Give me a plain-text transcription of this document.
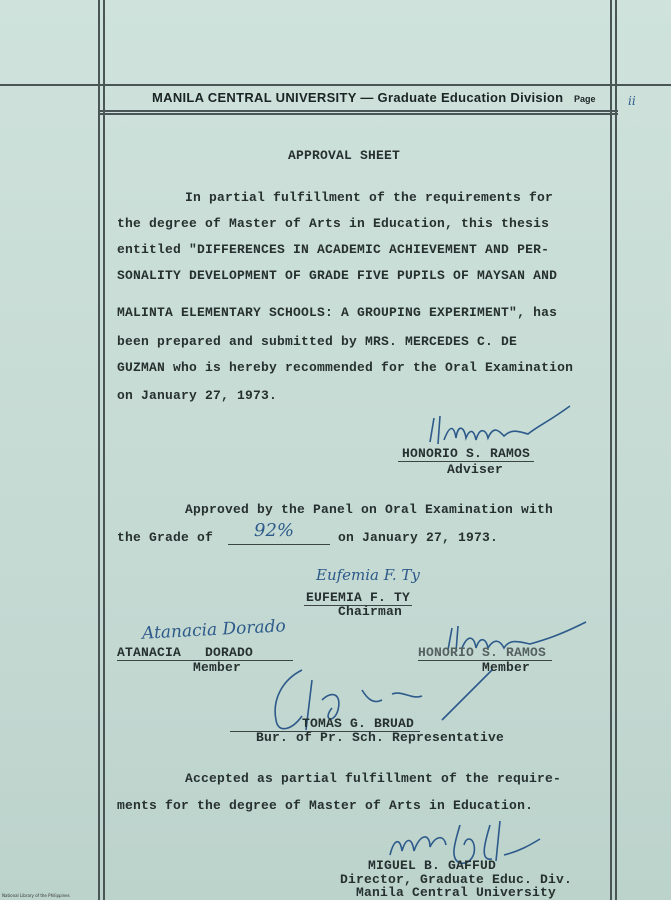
MANILA CENTRAL UNIVERSITY — Graduate Education Division Page	ii
APPROVAL SHEET
In partial fulfillment of the requirements for
the degree of Master of Arts in Education, this thesis
entitled "DIFFERENCES IN ACADEMIC ACHIEVEMENT AND PER-
SONALITY DEVELOPMENT OF GRADE FIVE PUPILS OF MAYSAN AND
MALINTA ELEMENTARY SCHOOLS: A GROUPING EXPERIMENT", has
been prepared and submitted by MRS. MERCEDES C. DE
GUZMAN who is hereby recommended for the Oral Examination
on January 27, 1973.
HONORIO S. RAMOS
Adviser
Approved by the Panel on Oral Examination with
the Grade of 92%	on January 27, 1973.
Eufemia F. Ty
EUFEMIA F. TY
Chairman
Atanacia Dorado
ATANACIA   DORADO
Member
HONORIO S. RAMOS
Member
TOMAS G. BRUAD
Bur. of Pr. Sch. Representative
Accepted as partial fulfillment of the require-
ments for the degree of Master of Arts in Education.
MIGUEL B. GAFFUD
Director, Graduate Educ. Div.
Manila Central University
National Library of the Philippines
